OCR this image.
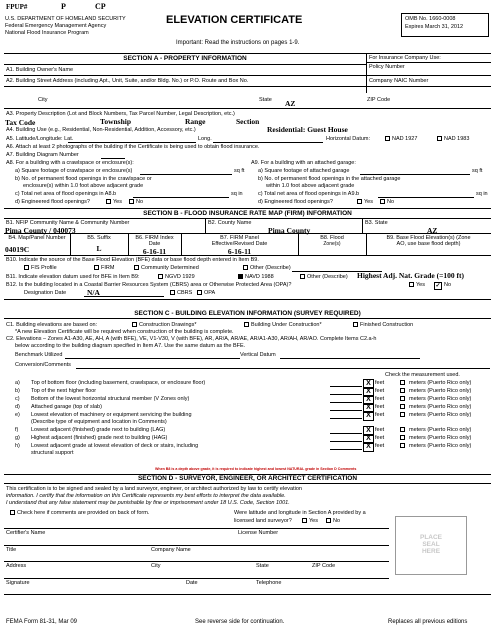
FPUP#	P	CP
U.S. DEPARTMENT OF HOMELAND SECURITY
Federal Emergency Management Agency
National Flood Insurance Program
ELEVATION CERTIFICATE
Important: Read the instructions on pages 1-9.
OMB No. 1660-0008
Expires March 31, 2012
SECTION A - PROPERTY INFORMATION	For Insurance Company Use:
Policy Number
A1. Building Owner's Name
A2. Building Street Address (including Apt., Unit, Suite, and/or Bldg. No.) or P.O. Route and Box No.	Company NAIC Number
City	State AZ	ZIP Code
A3. Property Description (Lot and Block Numbers, Tax Parcel Number, Legal Description, etc.)
Tax Code	Township	Range	Section
A4. Building Use (e.g., Residential, Non-Residential, Addition, Accessory, etc.)	Residential: Guest House
A5. Latitude/Longitude: Lat.	Long.	Horizontal Datum:	NAD 1927	NAD 1983
A6. Attach at least 2 photographs of the building if the Certificate is being used to obtain flood insurance.
A7. Building Diagram Number
A8. For a building with a crawlspace or enclosure(s):
a) Square footage of crawlspace or enclosure(s)	sq ft
b) No. of permanent flood openings in the crawlspace or
enclosure(s) within 1.0 foot above adjacent grade
c) Total net area of flood openings in A8.b	sq in
d) Engineered flood openings?	Yes	No
A9. For a building with an attached garage:
a) Square footage of attached garage	sq ft
b) No. of permanent flood openings in the attached garage
within 1.0 foot above adjacent grade
c) Total net area of flood openings in A9.b	sq in
d) Engineered flood openings?	Yes	No
SECTION B - FLOOD INSURANCE RATE MAP (FIRM) INFORMATION
B1. NFIP Community Name & Community Number
Pima County / 040073
B2. County Name
Pima County
B3. State
AZ
B4. Map/Panel Number
04019C
B5. Suffix
L
B6. FIRM Index
Date
6-16-11
B7. FIRM Panel
Effective/Revised Date
6-16-11
B8. Flood
Zone(s)
B9. Base Flood Elevation(s) (Zone
AO, use base flood depth)
B10. Indicate the source of the Base Flood Elevation (BFE) data or base flood depth entered in Item B9.
FIS Profile	FIRM	Community Determined	Other (Describe)
B11. Indicate elevation datum used for BFE in Item B9:	NGVD 1929	NAVD 1988	Other (Describe) Highest Adj. Nat. Grade (=100 ft)
B12. Is the building located in a Coastal Barrier Resources System (CBRS) area or Otherwise Protected Area (OPA)?	Yes ✓ No
Designation Date	N/A	CBRS	OPA
SECTION C - BUILDING ELEVATION INFORMATION (SURVEY REQUIRED)
C1. Building elevations are based on:	Construction Drawings*	Building Under Construction*	Finished Construction
*A new Elevation Certificate will be required when construction of the building is complete.
C2. Elevations – Zones A1-A30, AE, AH, A (with BFE), VE, V1-V30, V (with BFE), AR, AR/A, AR/AE, AR/A1-A30, AR/AH, AR/AO. Complete Items C2.a-h
below according to the building diagram specified in Item A7. Use the same datum as the BFE.
Benchmark Utilized	Vertical Datum
Conversion/Comments
Check the measurement used.
a) Top of bottom floor (including basement, crawlspace, or enclosure floor)	X feet	meters (Puerto Rico only)
b) Top of the next higher floor	X feet	meters (Puerto Rico only)
c) Bottom of the lowest horizontal structural member (V Zones only)	X feet	meters (Puerto Rico only)
d) Attached garage (top of slab)	X feet	meters (Puerto Rico only)
e) Lowest elevation of machinery or equipment servicing the building	X feet	meters (Puerto Rico only)
f) Lowest adjacent (finished) grade next to building (LAG)	X feet	meters (Puerto Rico only)
g) Highest adjacent (finished) grade next to building (HAG)	X feet	meters (Puerto Rico only)
h) Lowest adjacent grade at lowest elevation of deck or stairs, including	X feet	meters (Puerto Rico only)
(Describe type of equipment and location in Comments)
structural support
When B8 is a depth above grade, it is required to indicate highest and lowest NATURAL grade in Section D Comments
SECTION D - SURVEYOR, ENGINEER, OR ARCHITECT CERTIFICATION
This certification is to be signed and sealed by a land surveyor, engineer, or architect authorized by law to certify elevation
information. I certify that the information on this Certificate represents my best efforts to interpret the data available.
I understand that any false statement may be punishable by fine or imprisonment under 18 U.S. Code, Section 1001.
Check here if comments are provided on back of form.	Were latitude and longitude in Section A provided by a
licensed land surveyor?	Yes	No
PLACE
SEAL
HERE
Certifier's Name	License Number
Title	Company Name
Address	City	State	ZIP Code
Signature	Date	Telephone
FEMA Form 81-31, Mar 09	See reverse side for continuation.	Replaces all previous editions
